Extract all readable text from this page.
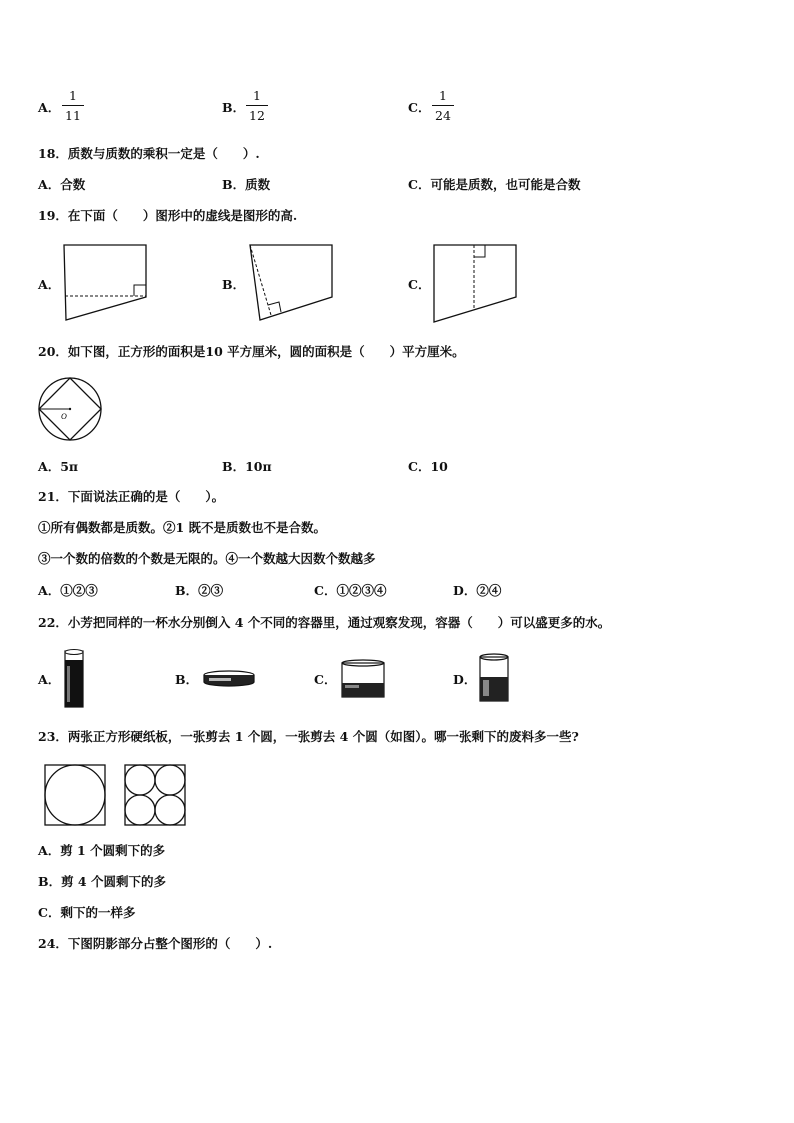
A．
1
11
B．
1
12
C．
1
24
18．质数与质数的乘积一定是（　　）.
A．合数	B．质数	C．可能是质数，也可能是合数
19．在下面（　　）图形中的虚线是图形的高.
A．	B．	C．
20．如下图，正方形的面积是10 平方厘米，圆的面积是（　　）平方厘米。
O
A．5π	B．10π	C．10
21．下面说法正确的是（　　）。
①所有偶数都是质数。②1 既不是质数也不是合数。
③一个数的倍数的个数是无限的。④一个数越大因数个数越多
A．①②③	B．②③	C．①②③④	D．②④
22．小芳把同样的一杯水分别倒入 4 个不同的容器里，通过观察发现，容器（　　）可以盛更多的水。
A．	B．	C．	D．
23．两张正方形硬纸板，一张剪去 1 个圆，一张剪去 4 个圆（如图）。哪一张剩下的废料多一些?
A．剪 1 个圆剩下的多
B．剪 4 个圆剩下的多
C．剩下的一样多
24．下图阴影部分占整个图形的（　　）.
